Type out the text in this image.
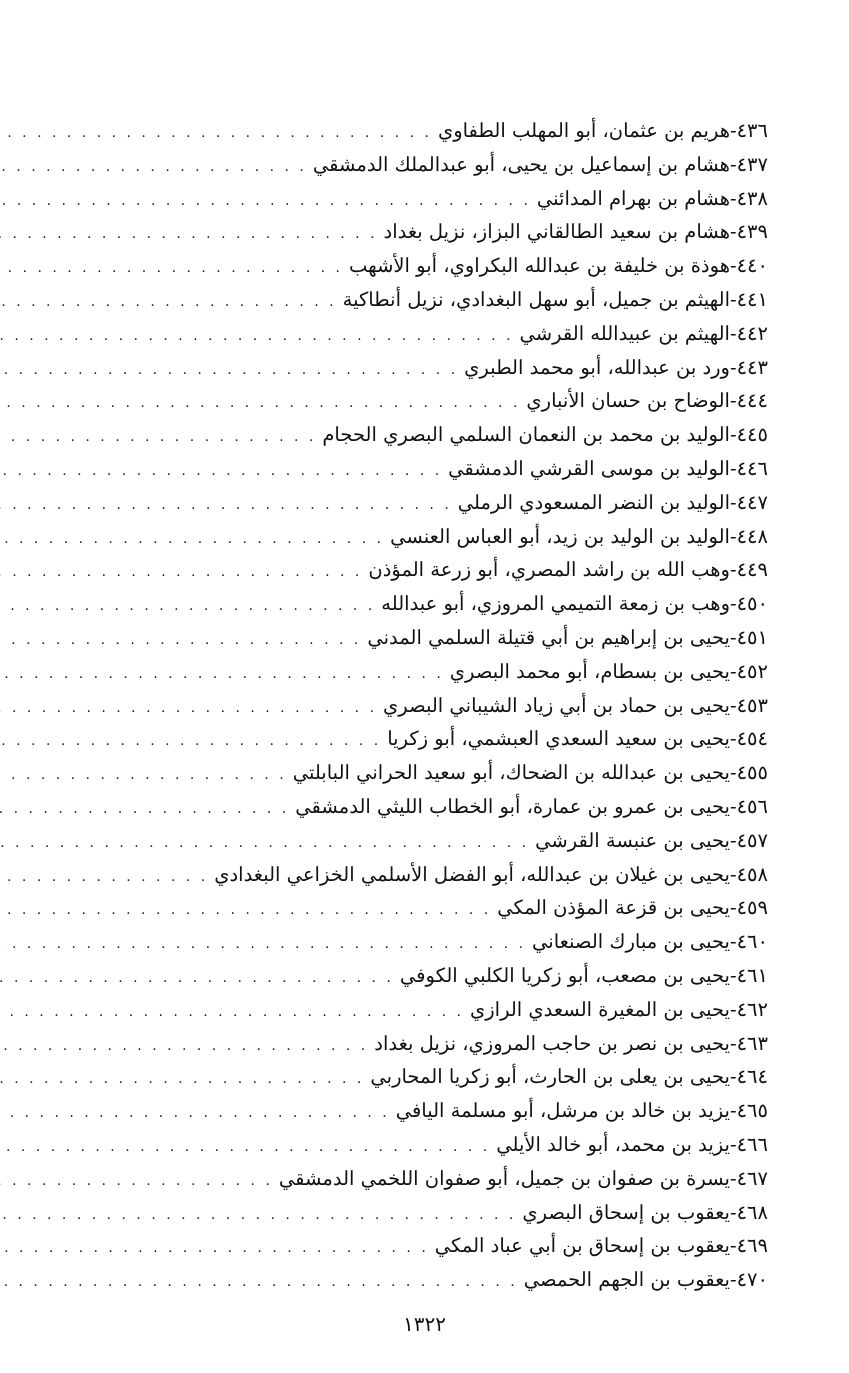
٤٣٦-
هريم بن عثمان، أبو المهلب الطفاوي
. . .
٤٣٧-
هشام بن إسماعيل بن يحيى، أبو عبدالملك الدمشقي
. . .
٤٣٨-
هشام بن بهرام المدائني
. . .
٤٣٩-
هشام بن سعيد الطالقاني البزاز، نزيل بغداد
. . .
٤٤٠-
هوذة بن خليفة بن عبدالله البكراوي، أبو الأشهب
. . .
٤٤١-
الهيثم بن جميل، أبو سهل البغدادي، نزيل أنطاكية
. . .
٤٤٢-
الهيثم بن عبيدالله القرشي
. . .
٤٤٣-
ورد بن عبدالله، أبو محمد الطبري
. . .
٤٤٤-
الوضاح بن حسان الأنباري
. . .
٤٤٥-
الوليد بن محمد بن النعمان السلمي البصري الحجام
. . .
٤٤٦-
الوليد بن موسى القرشي الدمشقي
. . .
٤٤٧-
الوليد بن النضر المسعودي الرملي
. . .
٤٤٨-
الوليد بن الوليد بن زيد، أبو العباس العنسي
. . .
٤٤٩-
وهب الله بن راشد المصري، أبو زرعة المؤذن
. . .
٤٥٠-
وهب بن زمعة التميمي المروزي، أبو عبدالله
. . .
٤٥١-
يحيى بن إبراهيم بن أبي قتيلة السلمي المدني
. . .
٤٥٢-
يحيى بن بسطام، أبو محمد البصري
. . .
٤٥٣-
يحيى بن حماد بن أبي زياد الشيباني البصري
. . .
٤٥٤-
يحيى بن سعيد السعدي العبشمي، أبو زكريا
. . .
٤٥٥-
يحيى بن عبدالله بن الضحاك، أبو سعيد الحراني البابلتي
. . .
٤٥٦-
يحيى بن عمرو بن عمارة، أبو الخطاب الليثي الدمشقي
. . .
٤٥٧-
يحيى بن عنبسة القرشي
. . .
٤٥٨-
يحيى بن غيلان بن عبدالله، أبو الفضل الأسلمي الخزاعي البغدادي
. . .
٤٥٩-
يحيى بن قزعة المؤذن المكي
. . .
٤٦٠-
يحيى بن مبارك الصنعاني
. . .
٤٦١-
يحيى بن مصعب، أبو زكريا الكلبي الكوفي
. . .
٤٦٢-
يحيى بن المغيرة السعدي الرازي
. . .
٤٦٣-
يحيى بن نصر بن حاجب المروزي، نزيل بغداد
. . .
٤٦٤-
يحيى بن يعلى بن الحارث، أبو زكريا المحاربي
. . .
٤٦٥-
يزيد بن خالد بن مرشل، أبو مسلمة اليافي
. . .
٤٦٦-
يزيد بن محمد، أبو خالد الأيلي
. . .
٤٦٧-
يسرة بن صفوان بن جميل، أبو صفوان اللخمي الدمشقي
. . .
٤٦٨-
يعقوب بن إسحاق البصري
. . .
٤٦٩-
يعقوب بن إسحاق بن أبي عباد المكي
. . .
٤٧٠-
يعقوب بن الجهم الحمصي
. . .
١٣٢٢
